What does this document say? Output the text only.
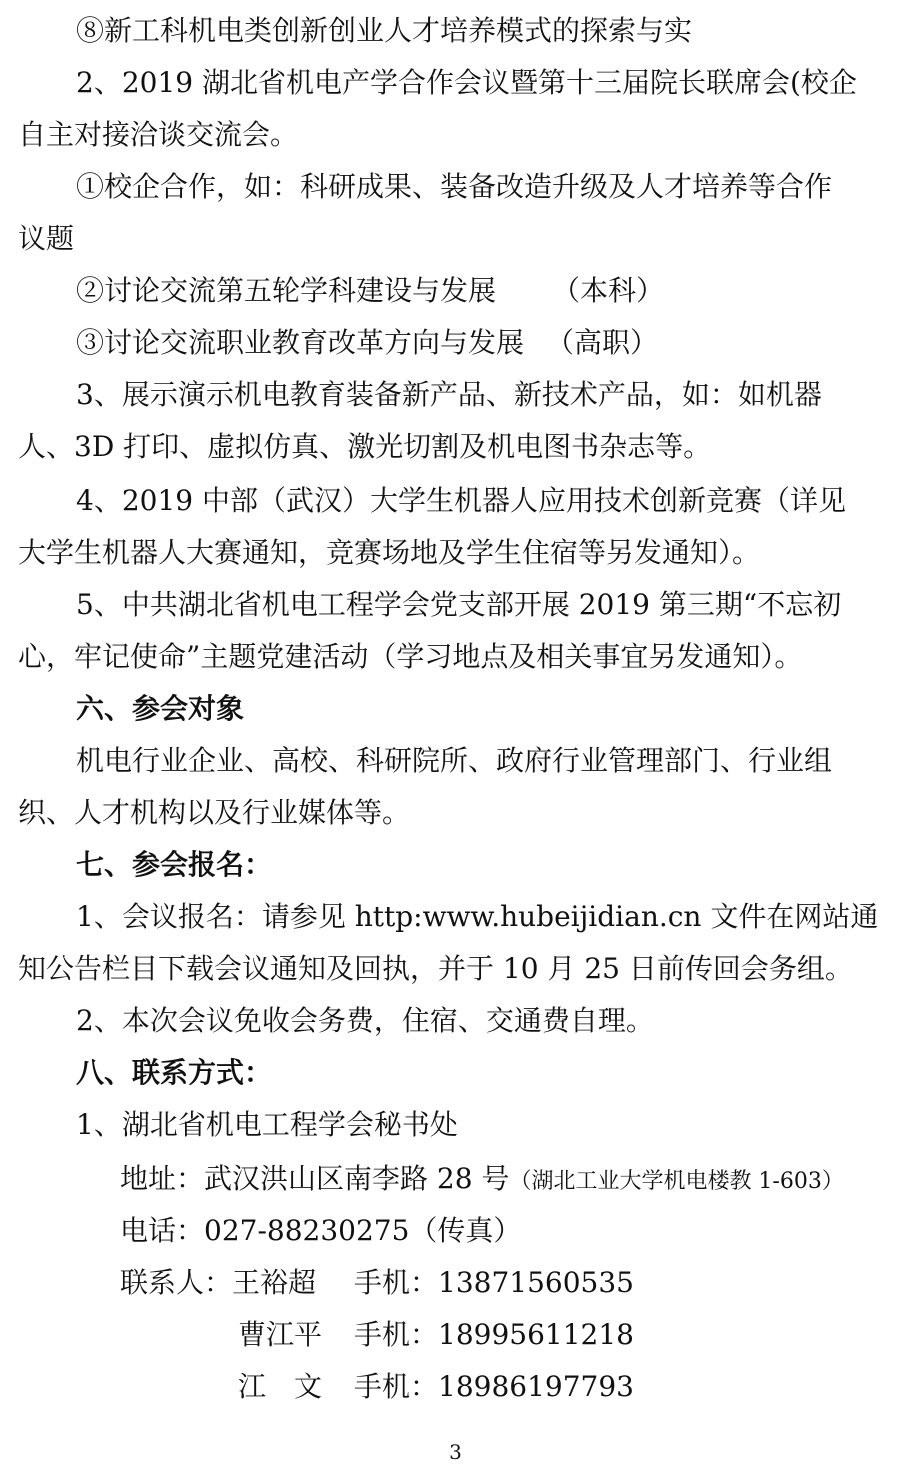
⑧新工科机电类创新创业人才培养模式的探索与实
2、2019 湖北省机电产学合作会议暨第十三届院长联席会(校企
自主对接洽谈交流会。
①校企合作，如：科研成果、装备改造升级及人才培养等合作
议题
②讨论交流第五轮学科建设与发展 （本科）
③讨论交流职业教育改革方向与发展 （高职）
3、展示演示机电教育装备新产品、新技术产品，如：如机器
人、3D 打印、虚拟仿真、激光切割及机电图书杂志等。
4、2019 中部（武汉）大学生机器人应用技术创新竞赛（详见
大学生机器人大赛通知，竞赛场地及学生住宿等另发通知）。
5、中共湖北省机电工程学会党支部开展 2019 第三期“不忘初
心，牢记使命”主题党建活动（学习地点及相关事宜另发通知）。
六、参会对象
机电行业企业、高校、科研院所、政府行业管理部门、行业组
织、人才机构以及行业媒体等。
七、参会报名：
1、会议报名：请参见 http:www.hubeijidian.cn 文件在网站通
知公告栏目下载会议通知及回执，并于 10 月 25 日前传回会务组。
2、本次会议免收会务费，住宿、交通费自理。
八、联系方式：
1、湖北省机电工程学会秘书处
地址：武汉洪山区南李路 28 号（湖北工业大学机电楼教 1-603）
电话：027-88230275（传真）
联系人：王裕超 手机：13871560535
曹江平 手机：18995611218
江　文 手机：18986197793
3
